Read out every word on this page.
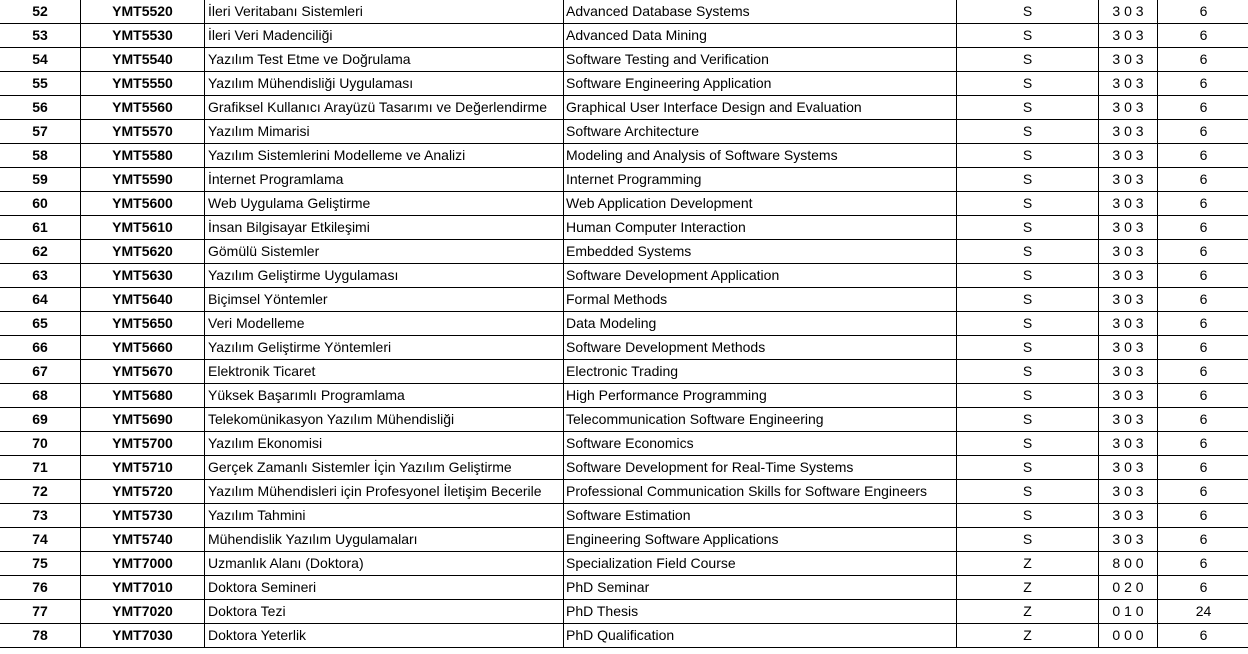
52	YMT5520	İleri Veritabanı Sistemleri	Advanced Database Systems	S	3 0 3	6
53	YMT5530	İleri Veri Madenciliği	Advanced Data Mining	S	3 0 3	6
54	YMT5540	Yazılım Test Etme ve Doğrulama	Software Testing and Verification	S	3 0 3	6
55	YMT5550	Yazılım Mühendisliği Uygulaması	Software Engineering Application	S	3 0 3	6
56	YMT5560	Grafiksel Kullanıcı Arayüzü Tasarımı ve Değerlendirme	Graphical User Interface Design and Evaluation	S	3 0 3	6
57	YMT5570	Yazılım Mimarisi	Software Architecture	S	3 0 3	6
58	YMT5580	Yazılım Sistemlerini Modelleme ve Analizi	Modeling and Analysis of Software Systems	S	3 0 3	6
59	YMT5590	İnternet Programlama	Internet Programming	S	3 0 3	6
60	YMT5600	Web Uygulama Geliştirme	Web Application Development	S	3 0 3	6
61	YMT5610	İnsan Bilgisayar Etkileşimi	Human Computer Interaction	S	3 0 3	6
62	YMT5620	Gömülü Sistemler	Embedded Systems	S	3 0 3	6
63	YMT5630	Yazılım Geliştirme Uygulaması	Software Development Application	S	3 0 3	6
64	YMT5640	Biçimsel Yöntemler	Formal Methods	S	3 0 3	6
65	YMT5650	Veri Modelleme	Data Modeling	S	3 0 3	6
66	YMT5660	Yazılım Geliştirme Yöntemleri	Software Development Methods	S	3 0 3	6
67	YMT5670	Elektronik Ticaret	Electronic Trading	S	3 0 3	6
68	YMT5680	Yüksek Başarımlı Programlama	High Performance Programming	S	3 0 3	6
69	YMT5690	Telekomünikasyon Yazılım Mühendisliği	Telecommunication Software Engineering	S	3 0 3	6
70	YMT5700	Yazılım Ekonomisi	Software Economics	S	3 0 3	6
71	YMT5710	Gerçek Zamanlı Sistemler İçin Yazılım Geliştirme	Software Development for Real-Time Systems	S	3 0 3	6
72	YMT5720	Yazılım Mühendisleri için Profesyonel İletişim Becerile	Professional Communication Skills for Software Engineers	S	3 0 3	6
73	YMT5730	Yazılım Tahmini	Software Estimation	S	3 0 3	6
74	YMT5740	Mühendislik Yazılım Uygulamaları	Engineering Software Applications	S	3 0 3	6
75	YMT7000	Uzmanlık Alanı (Doktora)	Specialization Field Course	Z	8 0 0	6
76	YMT7010	Doktora Semineri	PhD Seminar	Z	0 2 0	6
77	YMT7020	Doktora Tezi	PhD Thesis	Z	0 1 0	24
78	YMT7030	Doktora Yeterlik	PhD Qualification	Z	0 0 0	6
